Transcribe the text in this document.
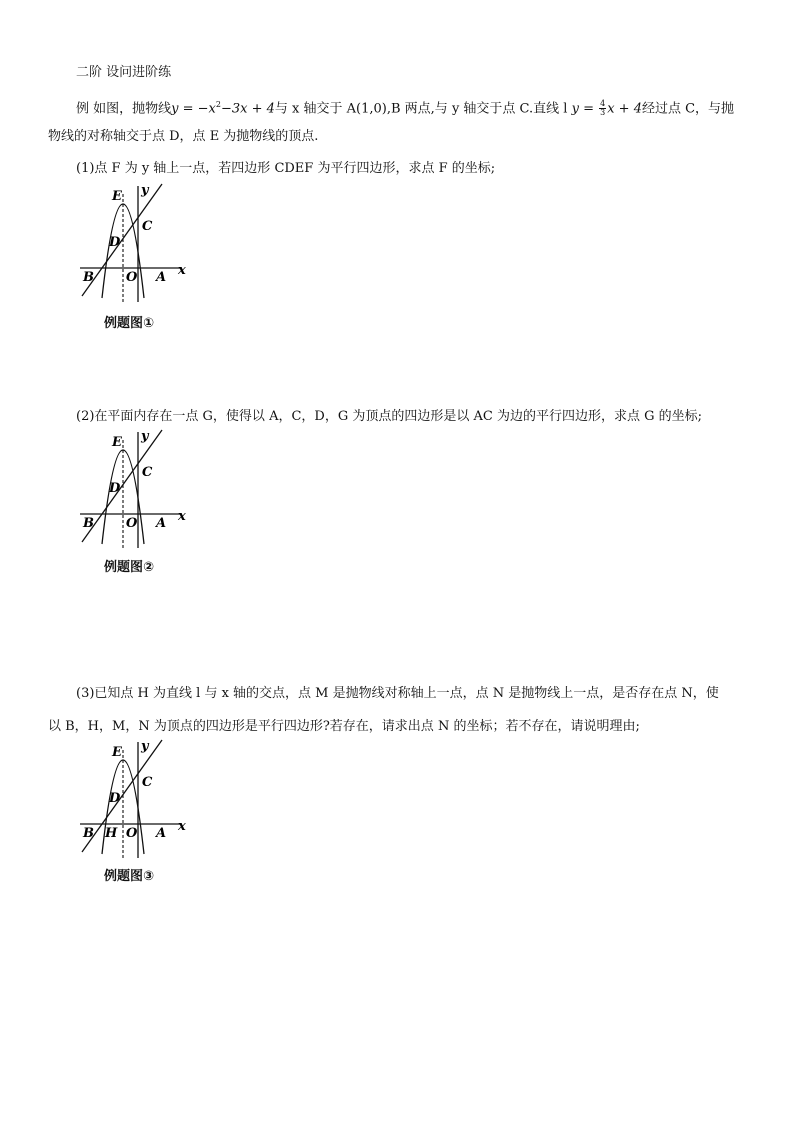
二阶 设问进阶练
例 如图，抛物线$y = -x^2-3x + 4$与 x 轴交于 A(1,0),B 两点,与 y 轴交于点 C.直线 l $y = \frac{4}{3}$ x + 4经过点 C，与抛
物线的对称轴交于点 D，点 E 为抛物线的顶点.
(1)点 F 为 y 轴上一点，若四边形 CDEF 为平行四边形，求点 F 的坐标;
E y
C
D
B O A x
例题图①
(2)在平面内存在一点 G，使得以 A，C，D，G 为顶点的四边形是以 AC 为边的平行四边形，求点 G 的坐标;
E y
C
D
B O A x
例题图②
(3)已知点 H 为直线 l 与 x 轴的交点，点 M 是抛物线对称轴上一点，点 N 是抛物线上一点，是否存在点 N，使
以 B，H，M，N 为顶点的四边形是平行四边形?若存在，请求出点 N 的坐标；若不存在，请说明理由;
E y
C
D
B H O A x
例题图③
